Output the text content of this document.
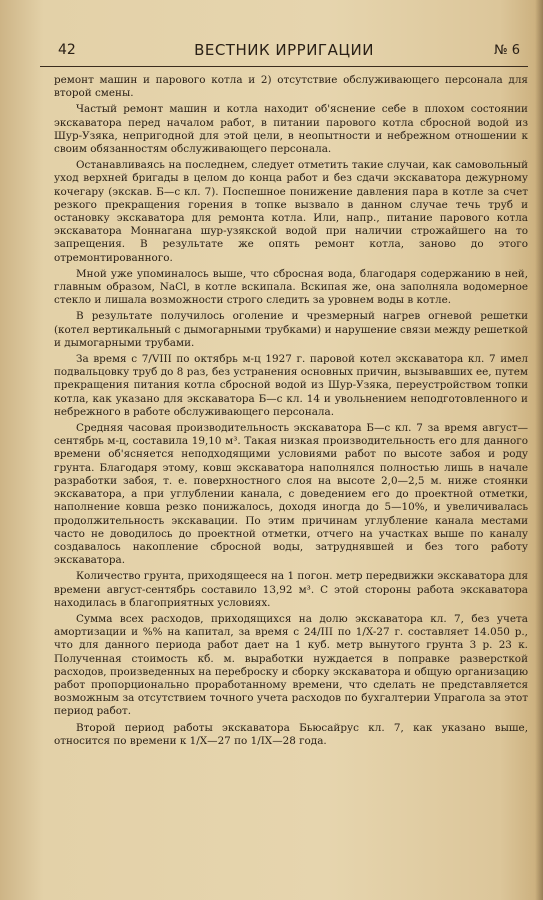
42	ВЕСТНИК ИРРИГАЦИИ	№ 6

ремонт машин и парового котла и 2) отсутствие обслуживающего персонала для второй смены.

Частый ремонт машин и котла находит об'яснение себе в плохом состоянии экскаватора перед началом работ, в питании парового котла сбросной водой из Шур-Узяка, непригодной для этой цели, в неопытности и небрежном отношении к своим обязанностям обслуживающего персонала.

Останавливаясь на последнем, следует отметить такие случаи, как самовольный уход верхней бригады в целом до конца работ и без сдачи экскаватора дежурному кочегару (экскав. Б—с кл. 7). Поспешное понижение давления пара в котле за счет резкого прекращения горения в топке вызвало в данном случае течь труб и остановку экскаватора для ремонта котла. Или, напр., питание парового котла экскаватора Моннагана шур-узякской водой при наличии строжайшего на то запрещения. В результате же опять ремонт котла, заново до этого отремонтированного.

Мной уже упоминалось выше, что сбросная вода, благодаря содержанию в ней, главным образом, NaCl, в котле вскипала. Вскипая же, она заполняла водомерное стекло и лишала возможности строго следить за уровнем воды в котле.

В результате получилось оголение и чрезмерный нагрев огневой решетки (котел вертикальный с дымогарными трубками) и нарушение связи между решеткой и дымогарными трубами.

За время с 7/VIII по октябрь м-ц 1927 г. паровой котел экскаватора кл. 7 имел подвальцовку труб до 8 раз, без устранения основных причин, вызывавших ее, путем прекращения питания котла сбросной водой из Шур-Узяка, переустройством топки котла, как указано для экскаватора Б—с кл. 14 и увольнением неподготовленного и небрежного в работе обслуживающего персонала.

Средняя часовая производительность экскаватора Б—с кл. 7 за время август—сентябрь м-ц, составила 19,10 м³. Такая низкая производительность его для данного времени об'ясняется неподходящими условиями работ по высоте забоя и роду грунта. Благодаря этому, ковш экскаватора наполнялся полностью лишь в начале разработки забоя, т. е. поверхностного слоя на высоте 2,0—2,5 м. ниже стоянки экскаватора, а при углублении канала, с доведением его до проектной отметки, наполнение ковша резко понижалось, доходя иногда до 5—10%, и увеличивалась продолжительность экскавации. По этим причинам углубление канала местами часто не доводилось до проектной отметки, отчего на участках выше по каналу создавалось накопление сбросной воды, затруднявшей и без того работу экскаватора.

Количество грунта, приходящееся на 1 погон. метр передвижки экскаватора для времени август-сентябрь составило 13,92 м³. С этой стороны работа экскаватора находилась в благоприятных условиях.

Сумма всех расходов, приходящихся на долю экскаватора кл. 7, без учета амортизации и %% на капитал, за время с 24/III по 1/X-27 г. составляет 14.050 р., что для данного периода работ дает на 1 куб. метр вынутого грунта 3 р. 23 к. Полученная стоимость кб. м. выработки нуждается в поправке разверсткой расходов, произведенных на переброску и сборку экскаватора и общую организацию работ пропорционально проработанному времени, что сделать не представляется возможным за отсутствием точного учета расходов по бухгалтерии Упрагола за этот период работ.

Второй период работы экскаватора Бьюсайрус кл. 7, как указано выше, относится по времени к 1/X—27 по 1/IX—28 года.
